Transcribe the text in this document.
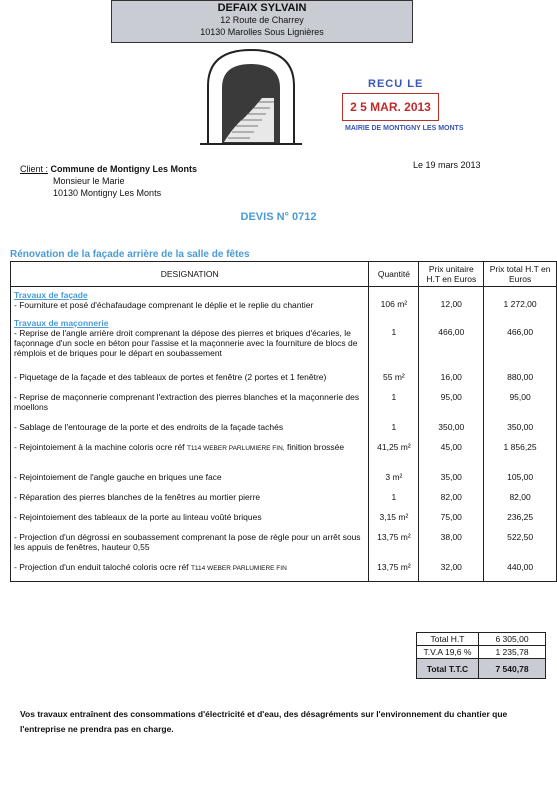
DEFAIX SYLVAIN
12 Route de Charrey
10130 Marolles Sous Lignières
RECU LE
2 5 MAR. 2013
MAIRIE DE MONTIGNY LES MONTS
Client : Commune de Montigny Les Monts
Monsieur le Marie
10130 Montigny Les Monts
Le 19 mars 2013
DEVIS N° 0712
Rénovation de la façade arrière de la salle de fêtes
DESIGNATION	Quantité	Prix unitaire H.T en Euros	Prix total H.T en Euros

Travaux de façade
- Fourniture et posé d'échafaudage comprenant le déplie et le replie du chantier	106 m²	12,00	1 272,00

Travaux de maçonnerie
- Reprise de l'angle arrière droit comprenant la dépose des pierres et briques d'écaries, le façonnage d'un socle en béton pour l'assise et la maçonnerie avec la fourniture de blocs de rémplois et de briques pour le départ en soubassement	1	466,00	466,00
- Piquetage de la façade et des tableaux de portes et fenêtre (2 portes et 1 fenêtre)	55 m²	16,00	880,00
- Reprise de maçonnerie comprenant l'extraction des pierres blanches et la maçonnerie des moellons	1	95,00	95,00
- Sablage de l'entourage de la porte et des endroits de la façade tachés	1	350,00	350,00
- Rejointoiement à la machine coloris ocre réf T114 WEBER PARLUMIERE FIN, finition brossée	41,25 m²	45,00	1 856,25
- Rejointoiement de l'angle gauche en briques une face	3 m²	35,00	105,00
- Réparation des pierres blanches de la fenêtres au mortier pierre	1	82,00	82,00
- Rejointoiement des tableaux de la porte au linteau voûté briques	3,15 m²	75,00	236,25
- Projection d'un dégrossi en soubassement comprenant la pose de règle pour un arrêt sous les appuis de fenêtres, hauteur 0,55	13,75 m²	38,00	522,50
- Projection d'un enduit taloché coloris ocre réf T114 WEBER PARLUMIERE FIN	13,75 m²	32,00	440,00
Total H.T	6 305,00
T.V.A 19,6 %	1 235,78
Total T.T.C	7 540,78
Vos travaux entraînent des consommations d'électricité et d'eau, des désagréments sur l'environnement du chantier que l'entreprise ne prendra pas en charge.
